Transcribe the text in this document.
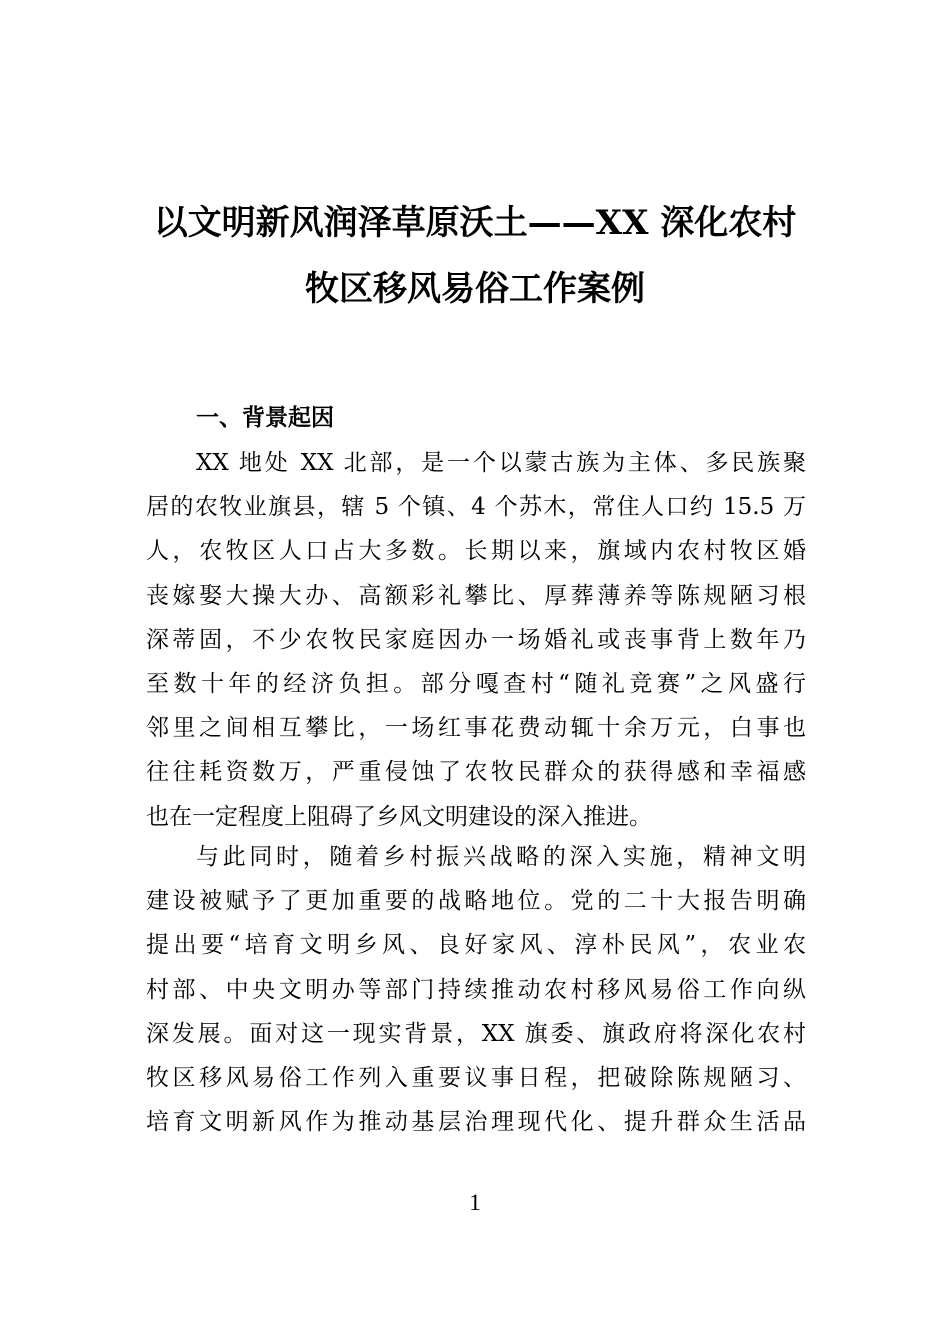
以文明新风润泽草原沃土——XX 深化农村
牧区移风易俗工作案例
一、背景起因
XX 地处 XX 北部，是一个以蒙古族为主体、多民族聚
居的农牧业旗县，辖 5 个镇、4 个苏木，常住人口约 15.5 万
人，农牧区人口占大多数。长期以来，旗域内农村牧区婚
丧嫁娶大操大办、高额彩礼攀比、厚葬薄养等陈规陋习根
深蒂固，不少农牧民家庭因办一场婚礼或丧事背上数年乃
至数十年的经济负担。部分嘎查村“随礼竞赛”之风盛行
邻里之间相互攀比，一场红事花费动辄十余万元，白事也
往往耗资数万，严重侵蚀了农牧民群众的获得感和幸福感
也在一定程度上阻碍了乡风文明建设的深入推进。
与此同时，随着乡村振兴战略的深入实施，精神文明
建设被赋予了更加重要的战略地位。党的二十大报告明确
提出要“培育文明乡风、良好家风、淳朴民风”，农业农
村部、中央文明办等部门持续推动农村移风易俗工作向纵
深发展。面对这一现实背景，XX 旗委、旗政府将深化农村
牧区移风易俗工作列入重要议事日程，把破除陈规陋习、
培育文明新风作为推动基层治理现代化、提升群众生活品
1
